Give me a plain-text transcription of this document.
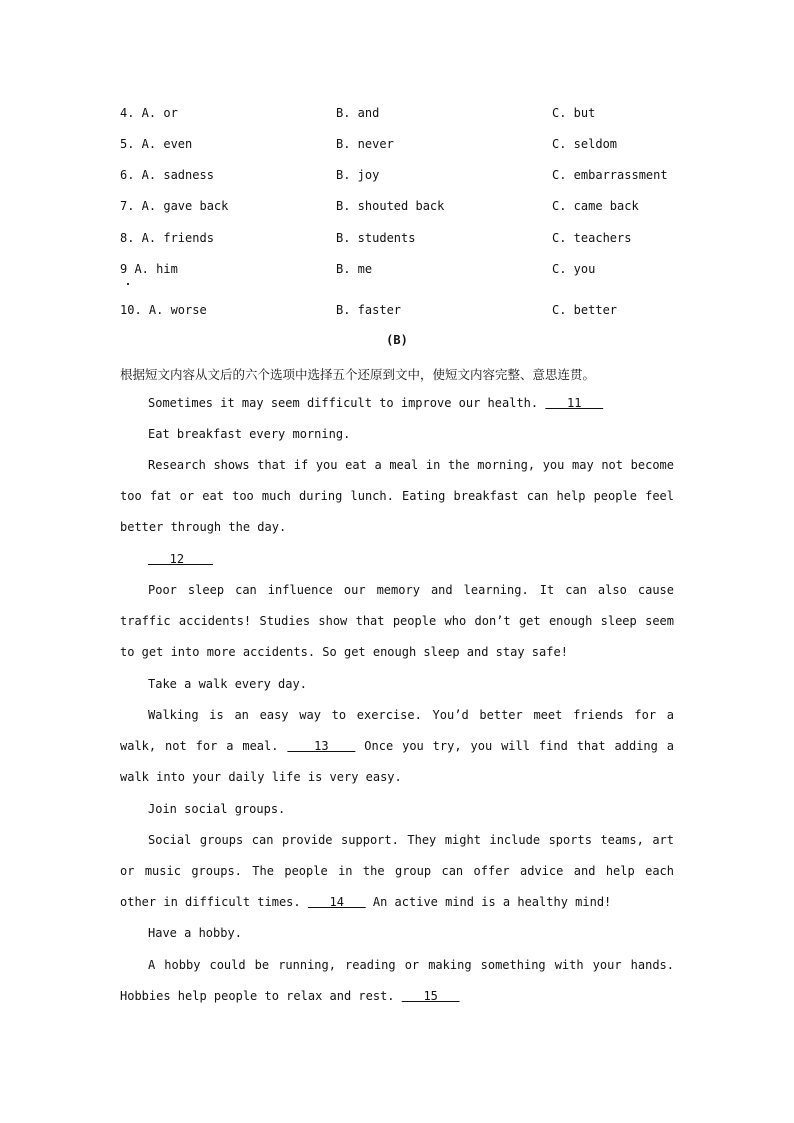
4. A. or	B. and	C. but
5. A. even	B. never	C. seldom
6. A. sadness	B. joy	C. embarrassment
7. A. gave back	B. shouted back	C. came back
8. A. friends	B. students	C. teachers
9 A. him	B. me	C. you
10. A. worse	B. faster	C. better
(B)
根据短文内容从文后的六个选项中选择五个还原到文中，使短文内容完整、意思连贯。
Sometimes it may seem difficult to improve our health.    11
Eat breakfast every morning.
Research shows that if you eat a meal in the morning, you may not become too fat or eat too much during lunch. Eating breakfast can help people feel better through the day.
12
Poor sleep can influence our memory and learning. It can also cause traffic accidents! Studies show that people who don’t get enough sleep seem to get into more accidents. So get enough sleep and stay safe!
Take a walk every day.
Walking is an easy way to exercise. You’d better meet friends for a walk, not for a meal.    13    Once you try, you will find that adding a walk into your daily life is very easy.
Join social groups.
Social groups can provide support. They might include sports teams, art or music groups. The people in the group can offer advice and help each other in difficult times.    14    An active mind is a healthy mind!
Have a hobby.
A hobby could be running, reading or making something with your hands. Hobbies help people to relax and rest.    15
